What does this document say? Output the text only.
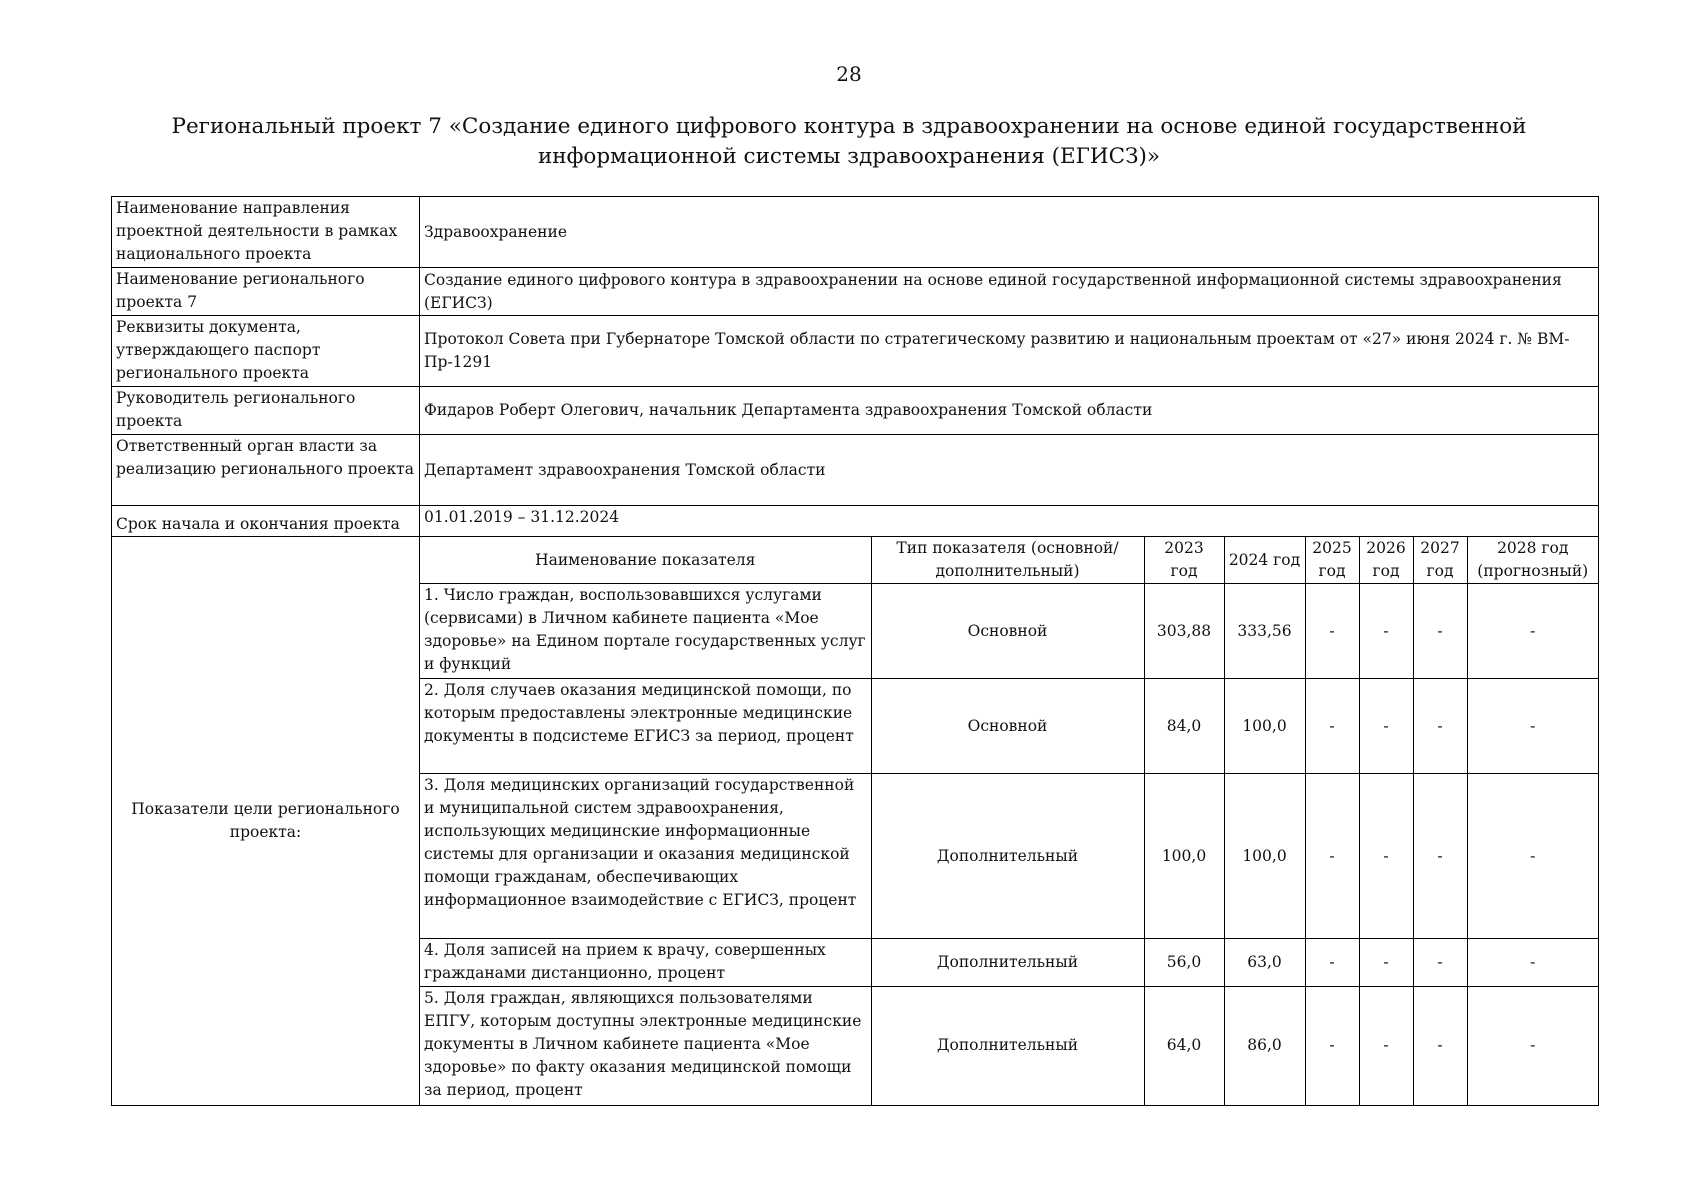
28
Региональный проект 7 «Создание единого цифрового контура в здравоохранении на основе единой государственной
информационной системы здравоохранения (ЕГИСЗ)»
Наименование направления проектной деятельности в рамках национального проекта	Здравоохранение
Наименование регионального проекта 7	Создание единого цифрового контура в здравоохранении на основе единой государственной информационной системы здравоохранения (ЕГИСЗ)
Реквизиты документа, утверждающего паспорт регионального проекта	Протокол Совета при Губернаторе Томской области по стратегическому развитию и национальным проектам от «27» июня 2024 г. № ВМ-Пр-1291
Руководитель регионального проекта	Фидаров Роберт Олегович, начальник Департамента здравоохранения Томской области
Ответственный орган власти за реализацию регионального проекта	Департамент здравоохранения Томской области
Срок начала и окончания проекта	01.01.2019 – 31.12.2024
Показатели цели регионального проекта:	
Наименование показателя	Тип показателя (основной/дополнительный)	2023 год	2024 год	2025 год	2026 год	2027 год	2028 год (прогнозный)
1. Число граждан, воспользовавшихся услугами (сервисами) в Личном кабинете пациента «Мое здоровье» на Едином портале государственных услуг и функций	Основной	303,88	333,56	-	-	-	-
2. Доля случаев оказания медицинской помощи, по которым предоставлены электронные медицинские документы в подсистеме ЕГИСЗ за период, процент	Основной	84,0	100,0	-	-	-	-
3. Доля медицинских организаций государственной и муниципальной систем здравоохранения, использующих медицинские информационные системы для организации и оказания медицинской помощи гражданам, обеспечивающих информационное взаимодействие с ЕГИСЗ, процент	Дополнительный	100,0	100,0	-	-	-	-
4. Доля записей на прием к врачу, совершенных гражданами дистанционно, процент	Дополнительный	56,0	63,0	-	-	-	-
5. Доля граждан, являющихся пользователями ЕПГУ, которым доступны электронные медицинские документы в Личном кабинете пациента «Мое здоровье» по факту оказания медицинской помощи за период, процент	Дополнительный	64,0	86,0	-	-	-	-
